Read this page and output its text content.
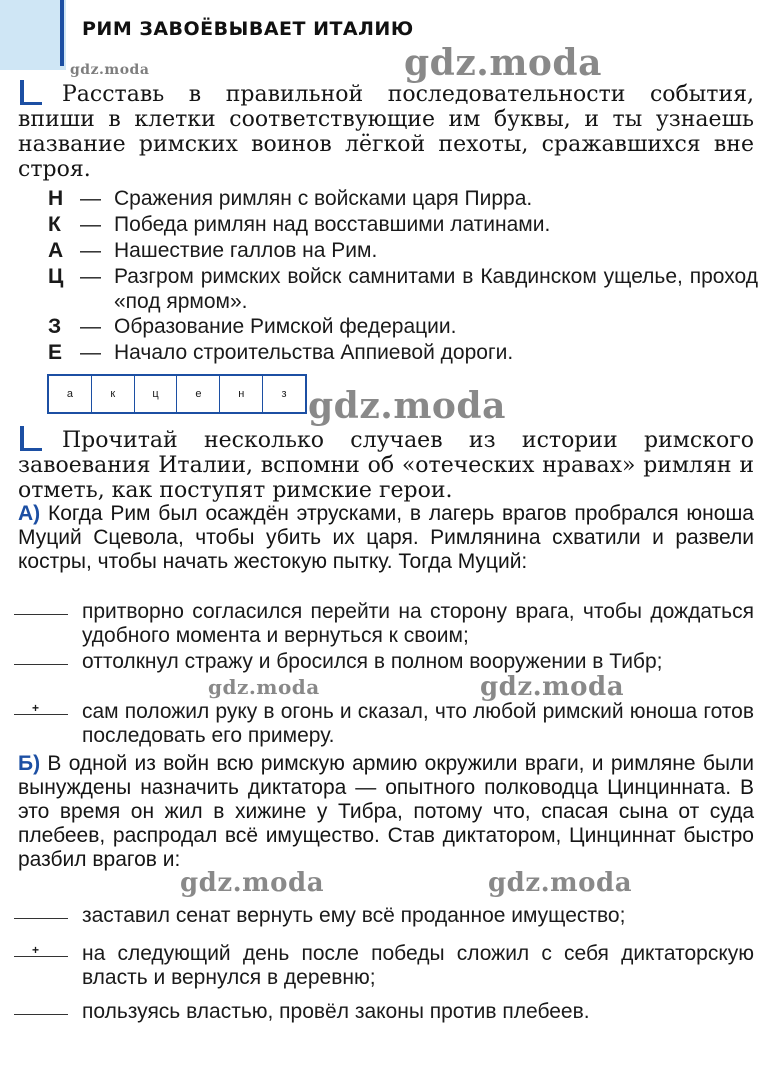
РИМ ЗАВОЁВЫВАЕТ ИТАЛИЮ
gdz.moda
gdz.moda
gdz.moda
gdz.moda	gdz.moda
gdz.moda	gdz.moda
Расставь в правильной последовательности события, впиши в клетки соответствующие им буквы, и ты узнаешь название римских воинов лёгкой пехоты, сражавшихся вне строя.
Н — Сражения римлян с войсками царя Пирра.
К — Победа римлян над восставшими латинами.
А — Нашествие галлов на Рим.
Ц — Разгром римских войск самнитами в Кавдинском ущелье, проход «под ярмом».
З — Образование Римской федерации.
Е — Начало строительства Аппиевой дороги.
а	к	ц	е	н	з
Прочитай несколько случаев из истории римского завоевания Италии, вспомни об «отеческих нравах» римлян и отметь, как поступят римские герои.
А) Когда Рим был осаждён этрусками, в лагерь врагов пробрался юноша Муций Сцевола, чтобы убить их царя. Римлянина схватили и развели костры, чтобы начать жестокую пытку. Тогда Муций:
притворно согласился перейти на сторону врага, чтобы дождаться удобного момента и вернуться к своим;
оттолкнул стражу и бросился в полном вооружении в Тибр;
+ сам положил руку в огонь и сказал, что любой римский юноша готов последовать его примеру.
Б) В одной из войн всю римскую армию окружили враги, и римляне были вынуждены назначить диктатора — опытного полководца Цинцинната. В это время он жил в хижине у Тибра, потому что, спасая сына от суда плебеев, распродал всё имущество. Став диктатором, Цинциннат быстро разбил врагов и:
заставил сенат вернуть ему всё проданное имущество;
+ на следующий день после победы сложил с себя диктаторскую власть и вернулся в деревню;
пользуясь властью, провёл законы против плебеев.
